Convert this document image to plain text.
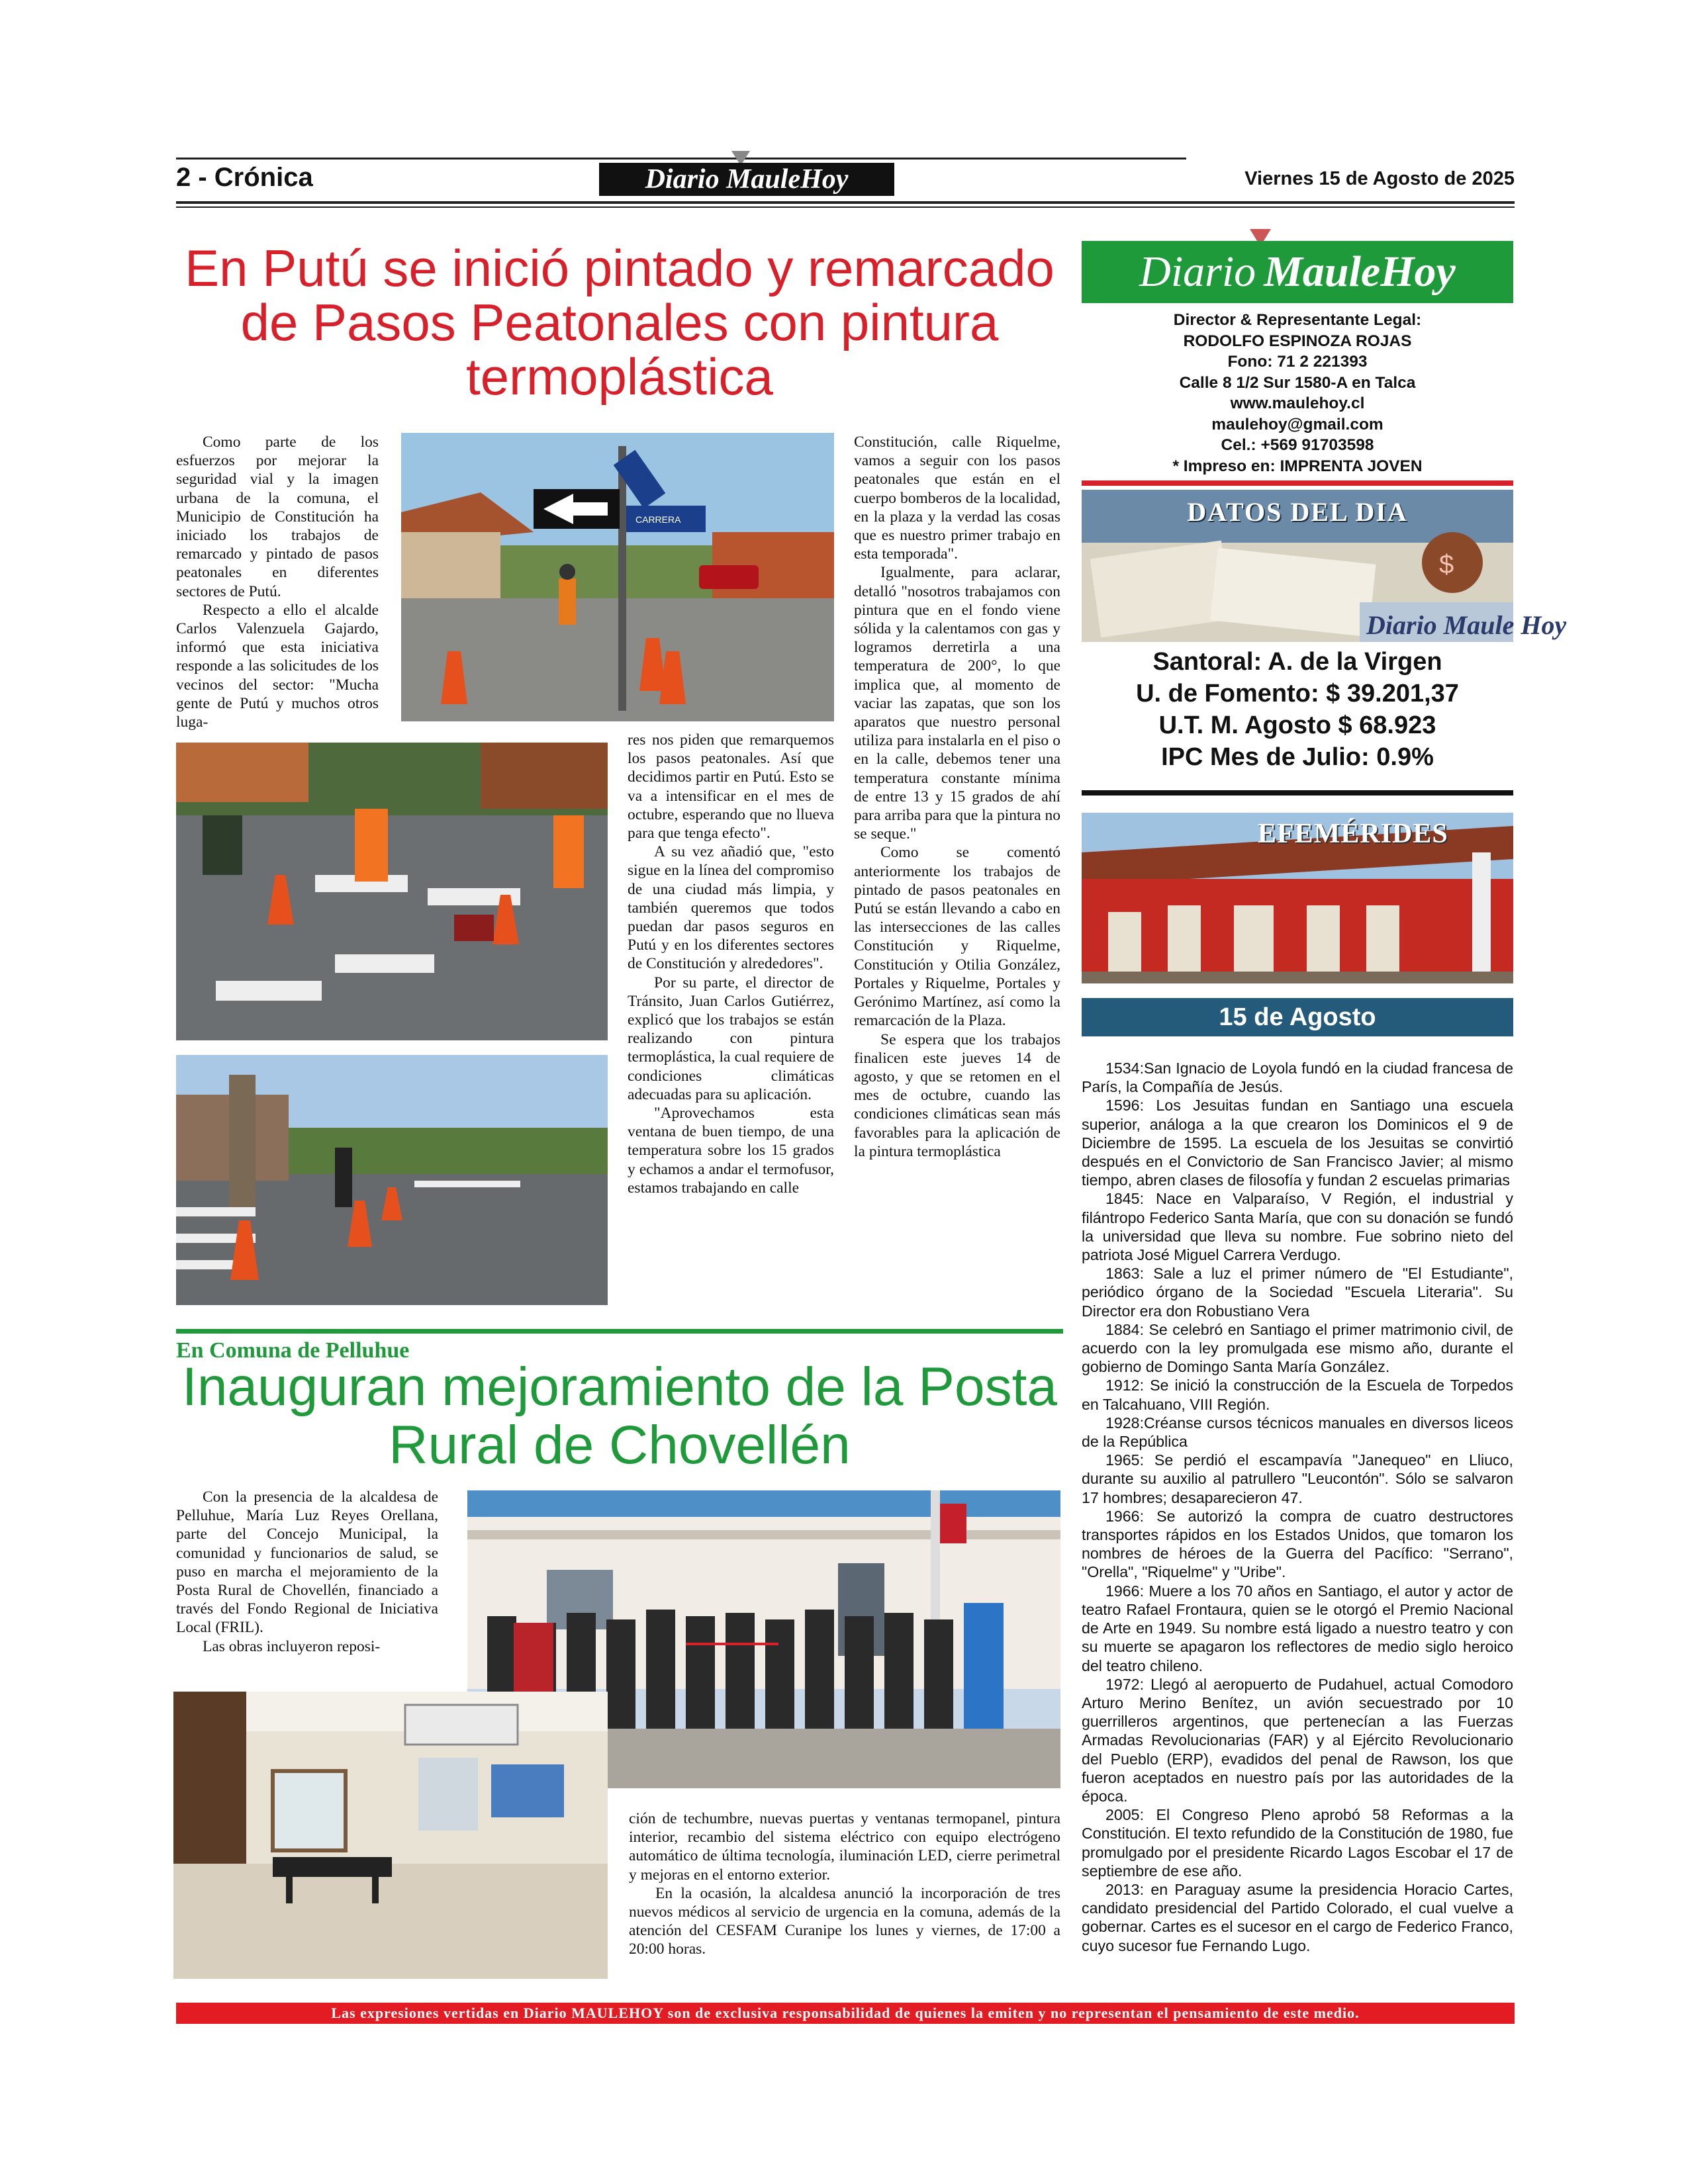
2 - Crónica	Diario MauleHoy	Viernes 15 de Agosto de 2025
En Putú se inició pintado y remarcado de Pasos Peatonales con pintura termoplástica

Como parte de los esfuerzos por mejorar la seguridad vial y la imagen urbana de la comuna, el Municipio de Constitución ha iniciado los trabajos de remarcado y pintado de pasos peatonales en diferentes sectores de Putú.

Respecto a ello el alcalde Carlos Valenzuela Gajardo, informó que esta iniciativa responde a las solicitudes de los vecinos del sector: "Mucha gente de Putú y muchos otros luga-

CARRERA

res nos piden que remarquemos los pasos peatonales. Así que decidimos partir en Putú. Esto se va a intensificar en el mes de octubre, esperando que no llueva para que tenga efecto".

A su vez añadió que, "esto sigue en la línea del compromiso de una ciudad más limpia, y también queremos que todos puedan dar pasos seguros en Putú y en los diferentes sectores de Constitución y alrededores".

Por su parte, el director de Tránsito, Juan Carlos Gutiérrez, explicó que los trabajos se están realizando con pintura termoplástica, la cual requiere de condiciones climáticas adecuadas para su aplicación.

"Aprovechamos esta ventana de buen tiempo, de una temperatura sobre los 15 grados y echamos a andar el termofusor, estamos trabajando en calle

Constitución, calle Riquelme, vamos a seguir con los pasos peatonales que están en el cuerpo bomberos de la localidad, en la plaza y la verdad las cosas que es nuestro primer trabajo en esta temporada".

Igualmente, para aclarar, detalló "nosotros trabajamos con pintura que en el fondo viene sólida y la calentamos con gas y logramos derretirla a una temperatura de 200°, lo que implica que, al momento de vaciar las zapatas, que son los aparatos que nuestro personal utiliza para instalarla en el piso o en la calle, debemos tener una temperatura constante mínima de entre 13 y 15 grados de ahí para arriba para que la pintura no se seque."

Como se comentó anteriormente los trabajos de pintado de pasos peatonales en Putú se están llevando a cabo en las intersecciones de las calles Constitución y Riquelme, Constitución y Otilia González, Portales y Riquelme, Portales y Gerónimo Martínez, así como la remarcación de la Plaza.

Se espera que los trabajos finalicen este jueves 14 de agosto, y que se retomen en el mes de octubre, cuando las condiciones climáticas sean más favorables para la aplicación de la pintura termoplástica

En Comuna de Pelluhue
Inauguran mejoramiento de la Posta Rural de Chovellén

Con la presencia de la alcaldesa de Pelluhue, María Luz Reyes Orellana, parte del Concejo Municipal, la comunidad y funcionarios de salud, se puso en marcha el mejoramiento de la Posta Rural de Chovellén, financiado a través del Fondo Regional de Iniciativa Local (FRIL).

Las obras incluyeron reposi-

ción de techumbre, nuevas puertas y ventanas termopanel, pintura interior, recambio del sistema eléctrico con equipo electrógeno automático de última tecnología, iluminación LED, cierre perimetral y mejoras en el entorno exterior.

En la ocasión, la alcaldesa anunció la incorporación de tres nuevos médicos al servicio de urgencia en la comuna, además de la atención del CESFAM Curanipe los lunes y viernes, de 17:00 a 20:00 horas.

Diario MauleHoy
Director & Representante Legal:
RODOLFO ESPINOZA ROJAS
Fono: 71 2 221393
Calle 8 1/2 Sur 1580-A en Talca
www.maulehoy.cl
maulehoy@gmail.com
Cel.: +569 91703598
* Impreso en: IMPRENTA JOVEN
$
Diario Maule Hoy
DATOS DEL DIA
Santoral: A. de la Virgen
U. de Fomento: $ 39.201,37
U.T. M. Agosto $ 68.923
IPC Mes de Julio: 0.9%
EFEMÉRIDES
15 de Agosto

1534:San Ignacio de Loyola fundó en la ciudad francesa de París, la Compañía de Jesús.

1596: Los Jesuitas fundan en Santiago una escuela superior, análoga a la que crearon los Dominicos el 9 de Diciembre de 1595. La escuela de los Jesuitas se convirtió después en el Convictorio de San Francisco Javier; al mismo tiempo, abren clases de filosofía y fundan 2 escuelas primarias

1845: Nace en Valparaíso, V Región, el industrial y filántropo Federico Santa María, que con su donación se fundó la universidad que lleva su nombre. Fue sobrino nieto del patriota José Miguel Carrera Verdugo.

1863: Sale a luz el primer número de "El Estudiante", periódico órgano de la Sociedad "Escuela Literaria". Su Director era don Robustiano Vera

1884: Se celebró en Santiago el primer matrimonio civil, de acuerdo con la ley promulgada ese mismo año, durante el gobierno de Domingo Santa María González.

1912: Se inició la construcción de la Escuela de Torpedos en Talcahuano, VIII Región.

1928:Créanse cursos técnicos manuales en diversos liceos de la República

1965: Se perdió el escampavía "Janequeo" en Lliuco, durante su auxilio al patrullero "Leucontón". Sólo se salvaron 17 hombres; desaparecieron 47.

1966: Se autorizó la compra de cuatro destructores transportes rápidos en los Estados Unidos, que tomaron los nombres de héroes de la Guerra del Pacífico: "Serrano", "Orella", "Riquelme" y "Uribe".

1966: Muere a los 70 años en Santiago, el autor y actor de teatro Rafael Frontaura, quien se le otorgó el Premio Nacional de Arte en 1949. Su nombre está ligado a nuestro teatro y con su muerte se apagaron los reflectores de medio siglo heroico del teatro chileno.

1972: Llegó al aeropuerto de Pudahuel, actual Comodoro Arturo Merino Benítez, un avión secuestrado por 10 guerrilleros argentinos, que pertenecían a las Fuerzas Armadas Revolucionarias (FAR) y al Ejército Revolucionario del Pueblo (ERP), evadidos del penal de Rawson, los que fueron aceptados en nuestro país por las autoridades de la época.

2005: El Congreso Pleno aprobó 58 Reformas a la Constitución. El texto refundido de la Constitución de 1980, fue promulgado por el presidente Ricardo Lagos Escobar el 17 de septiembre de ese año.

2013: en Paraguay asume la presidencia Horacio Cartes, candidato presidencial del Partido Colorado, el cual vuelve a gobernar. Cartes es el sucesor en el cargo de Federico Franco, cuyo sucesor fue Fernando Lugo.

Las expresiones vertidas en Diario MAULEHOY son de exclusiva responsabilidad de quienes la emiten y no representan el pensamiento de este medio.
